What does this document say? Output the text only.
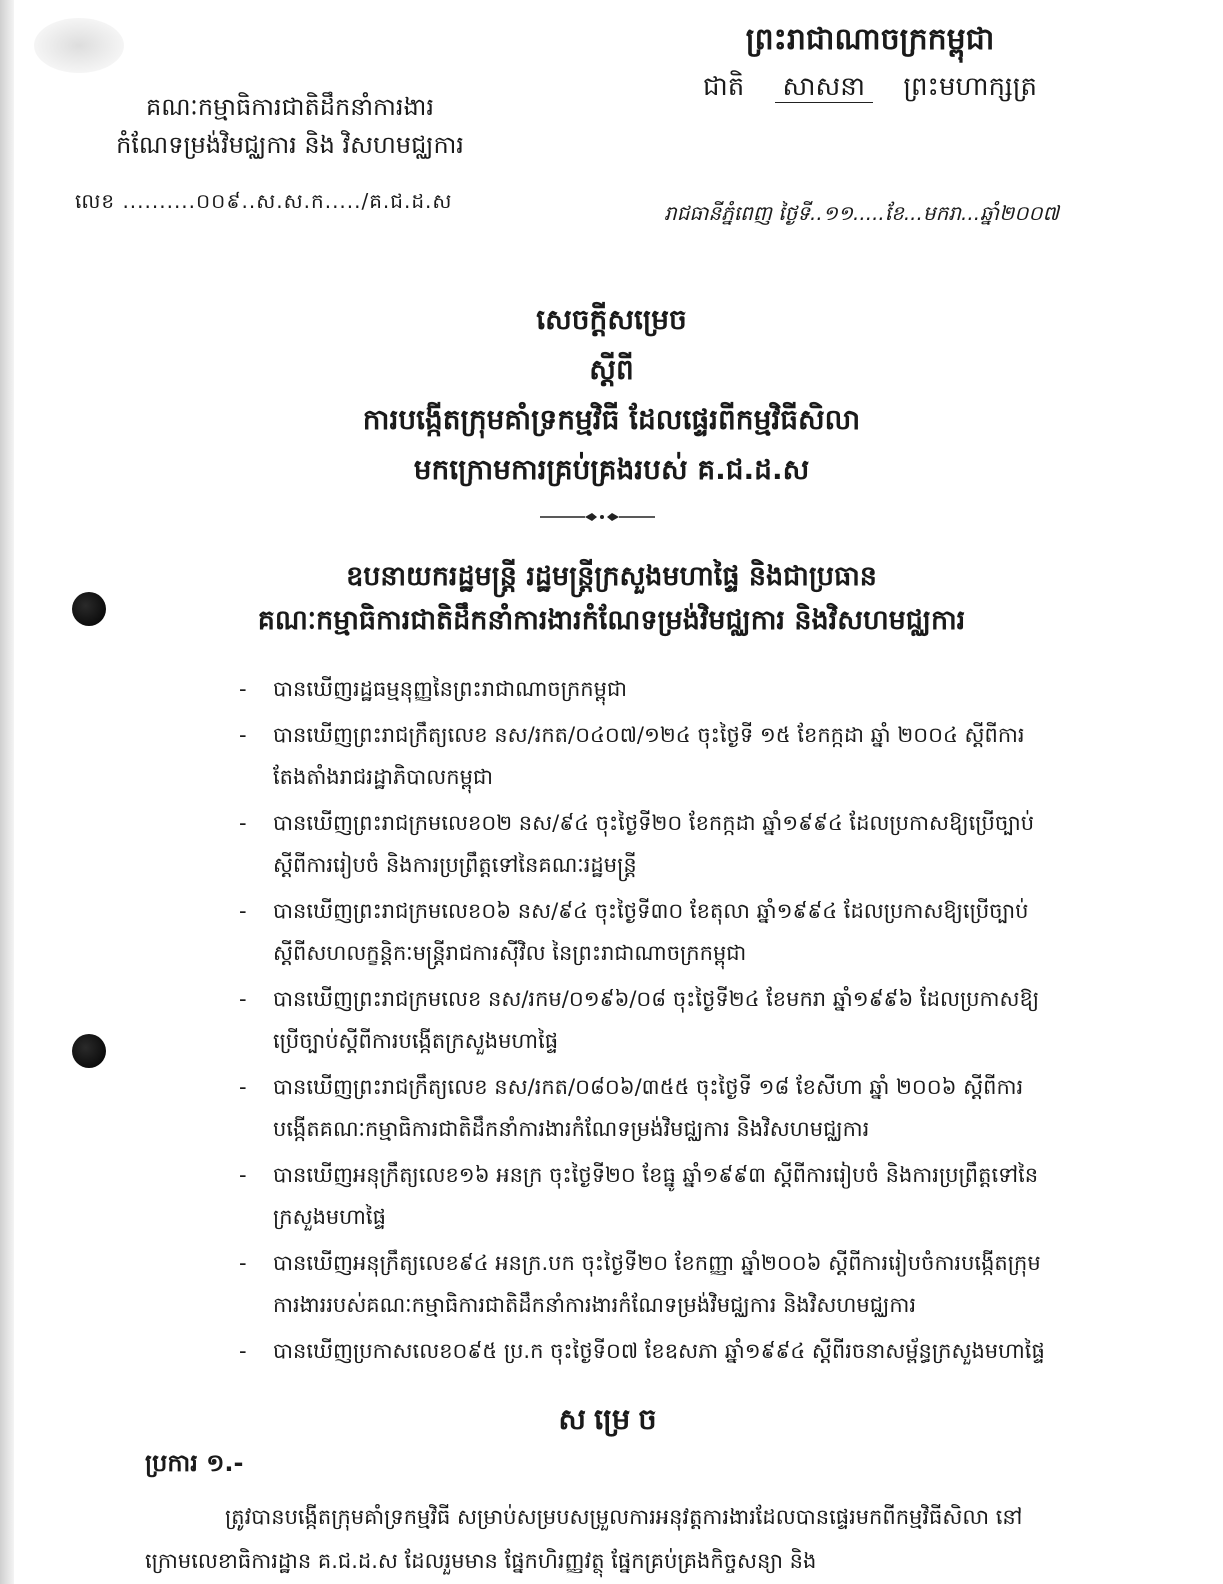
ព្រះរាជាណាចក្រកម្ពុជា
ជាតិ សាសនា ព្រះមហាក្សត្រ
គណៈកម្មាធិការជាតិដឹកនាំការងារ
កំណែទម្រង់វិមជ្ឈការ និង វិសហមជ្ឈការ
លេខ ..........០០៩..ស.ស.ក...../គ.ជ.ដ.ស	រាជធានីភ្នំពេញ ថ្ងៃទី..១១.....ខែ...មករា...ឆ្នាំ២០០៧
សេចក្ដីសម្រេច
ស្ដីពី
ការបង្កើតក្រុមគាំទ្រកម្មវិធី ដែលផ្ទេរពីកម្មវិធីសិលា
មកក្រោមការគ្រប់គ្រងរបស់ គ.ជ.ដ.ស
ឧបនាយករដ្ឋមន្ត្រី រដ្ឋមន្ត្រីក្រសួងមហាផ្ទៃ និងជាប្រធាន
គណៈកម្មាធិការជាតិដឹកនាំការងារកំណែទម្រង់វិមជ្ឈការ និងវិសហមជ្ឈការ
- បានឃើញរដ្ឋធម្មនុញ្ញនៃព្រះរាជាណាចក្រកម្ពុជា
- បានឃើញព្រះរាជក្រឹត្យលេខ នស/រកត/០៤០៧/១២៤ ចុះថ្ងៃទី ១៥ ខែកក្កដា ឆ្នាំ ២០០៤ ស្ដីពីការតែងតាំងរាជរដ្ឋាភិបាលកម្ពុជា
- បានឃើញព្រះរាជក្រមលេខ០២ នស/៩៤ ចុះថ្ងៃទី២០ ខែកក្កដា ឆ្នាំ១៩៩៤ ដែលប្រកាសឱ្យប្រើច្បាប់ស្ដីពីការរៀបចំ និងការប្រព្រឹត្តទៅនៃគណៈរដ្ឋមន្ត្រី
- បានឃើញព្រះរាជក្រមលេខ០៦ នស/៩៤ ចុះថ្ងៃទី៣០ ខែតុលា ឆ្នាំ១៩៩៤ ដែលប្រកាសឱ្យប្រើច្បាប់ស្ដីពីសហលក្ខន្តិកៈមន្ត្រីរាជការស៊ីវិល នៃព្រះរាជាណាចក្រកម្ពុជា
- បានឃើញព្រះរាជក្រមលេខ នស/រកម/០១៩៦/០៨ ចុះថ្ងៃទី២៤ ខែមករា ឆ្នាំ១៩៩៦ ដែលប្រកាសឱ្យប្រើច្បាប់ស្ដីពីការបង្កើតក្រសួងមហាផ្ទៃ
- បានឃើញព្រះរាជក្រឹត្យលេខ នស/រកត/០៨០៦/៣៥៥ ចុះថ្ងៃទី ១៨ ខែសីហា ឆ្នាំ ២០០៦ ស្ដីពីការបង្កើតគណៈកម្មាធិការជាតិដឹកនាំការងារកំណែទម្រង់វិមជ្ឈការ និងវិសហមជ្ឈការ
- បានឃើញអនុក្រឹត្យលេខ១៦ អនក្រ ចុះថ្ងៃទី២០ ខែធ្នូ ឆ្នាំ១៩៩៣ ស្ដីពីការរៀបចំ និងការប្រព្រឹត្តទៅនៃក្រសួងមហាផ្ទៃ
- បានឃើញអនុក្រឹត្យលេខ៩៤ អនក្រ.បក ចុះថ្ងៃទី២០ ខែកញ្ញា ឆ្នាំ២០០៦ ស្ដីពីការរៀបចំការបង្កើតក្រុមការងាររបស់គណៈកម្មាធិការជាតិដឹកនាំការងារកំណែទម្រង់វិមជ្ឈការ និងវិសហមជ្ឈការ
- បានឃើញប្រកាសលេខ០៩៥ ប្រ.ក ចុះថ្ងៃទី០៧ ខែឧសភា ឆ្នាំ១៩៩៤ ស្ដីពីរចនាសម្ព័ន្ធក្រសួងមហាផ្ទៃ
សម្រេច
ប្រការ ១.-

ត្រូវបានបង្កើតក្រុមគាំទ្រកម្មវិធី សម្រាប់សម្របសម្រួលការអនុវត្តការងារដែលបានផ្ទេរមកពីកម្មវិធីសិលា នៅក្រោមលេខាធិការដ្ឋាន គ.ជ.ដ.ស ដែលរួមមាន ផ្នែកហិរញ្ញវត្ថុ ផ្នែកគ្រប់គ្រងកិច្ចសន្យា និង
